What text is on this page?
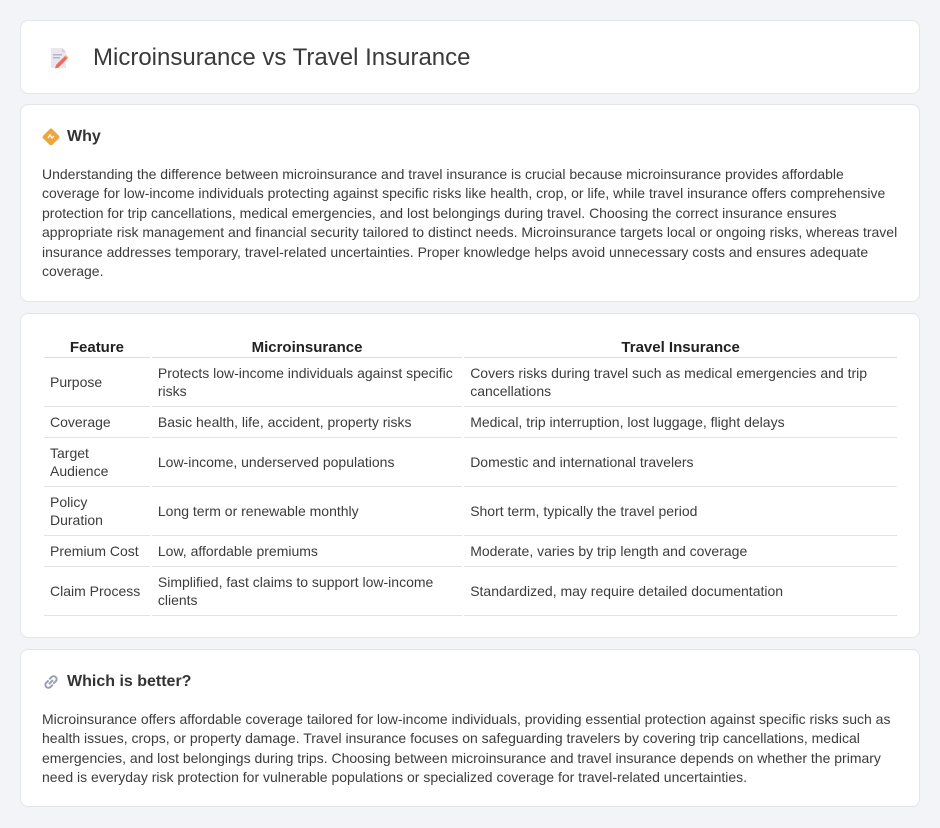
Microinsurance vs Travel Insurance
Why

Understanding the difference between microinsurance and travel insurance is crucial because microinsurance provides affordable coverage for low-income individuals protecting against specific risks like health, crop, or life, while travel insurance offers comprehensive protection for trip cancellations, medical emergencies, and lost belongings during travel. Choosing the correct insurance ensures appropriate risk management and financial security tailored to distinct needs. Microinsurance targets local or ongoing risks, whereas travel insurance addresses temporary, travel-related uncertainties. Proper knowledge helps avoid unnecessary costs and ensures adequate coverage.

Feature	Microinsurance	Travel Insurance
Purpose	Protects low-income individuals against specific risks	Covers risks during travel such as medical emergencies and trip cancellations
Coverage	Basic health, life, accident, property risks	Medical, trip interruption, lost luggage, flight delays
Target Audience	Low-income, underserved populations	Domestic and international travelers
Policy Duration	Long term or renewable monthly	Short term, typically the travel period
Premium Cost	Low, affordable premiums	Moderate, varies by trip length and coverage
Claim Process	Simplified, fast claims to support low-income clients	Standardized, may require detailed documentation
Which is better?

Microinsurance offers affordable coverage tailored for low-income individuals, providing essential protection against specific risks such as health issues, crops, or property damage. Travel insurance focuses on safeguarding travelers by covering trip cancellations, medical emergencies, and lost belongings during trips. Choosing between microinsurance and travel insurance depends on whether the primary need is everyday risk protection for vulnerable populations or specialized coverage for travel-related uncertainties.
